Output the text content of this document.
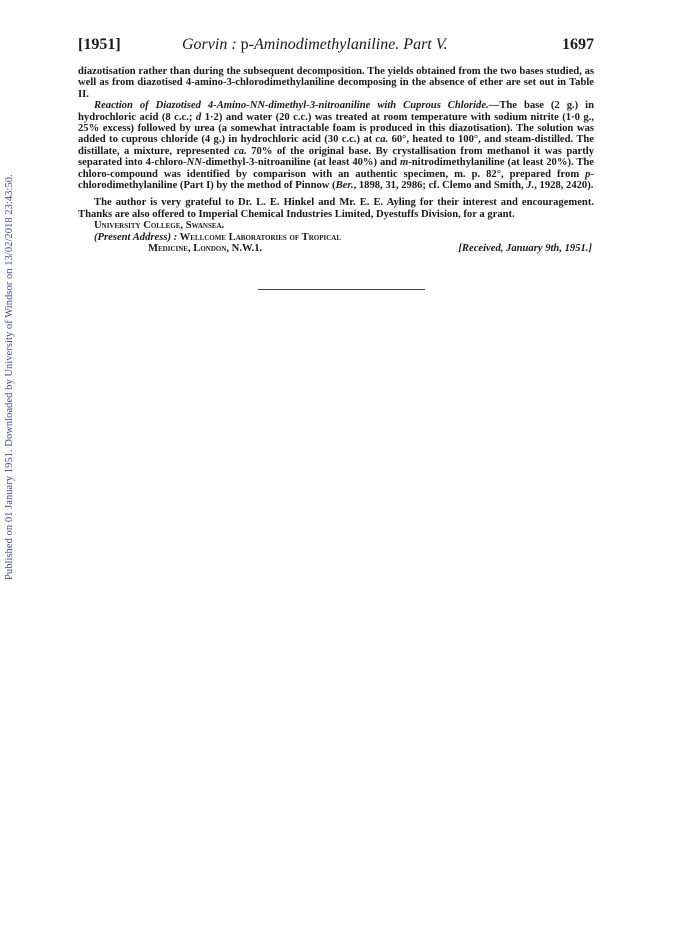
Published on 01 January 1951. Downloaded by University of Windsor on 13/02/2018 23:43:50.
[1951]	Gorvin : p-Aminodimethylaniline. Part V.	1697

diazotisation rather than during the subsequent decomposition. The yields obtained from the two bases studied, as well as from diazotised 4-amino-3-chlorodimethylaniline decomposing in the absence of ether are set out in Table II.

Reaction of Diazotised 4-Amino-NN-dimethyl-3-nitroaniline with Cuprous Chloride.—The base (2 g.) in hydrochloric acid (8 c.c.; d 1·2) and water (20 c.c.) was treated at room temperature with sodium nitrite (1·0 g., 25% excess) followed by urea (a somewhat intractable foam is produced in this diazotisation). The solution was added to cuprous chloride (4 g.) in hydrochloric acid (30 c.c.) at ca. 60°, heated to 100°, and steam-distilled. The distillate, a mixture, represented ca. 70% of the original base. By crystallisation from methanol it was partly separated into 4-chloro-NN-dimethyl-3-nitroaniline (at least 40%) and m-nitrodimethylaniline (at least 20%). The chloro-compound was identified by comparison with an authentic specimen, m. p. 82°, prepared from p-chlorodimethylaniline (Part I) by the method of Pinnow (Ber., 1898, 31, 2986; cf. Clemo and Smith, J., 1928, 2420).

The author is very grateful to Dr. L. E. Hinkel and Mr. E. E. Ayling for their interest and encouragement. Thanks are also offered to Imperial Chemical Industries Limited, Dyestuffs Division, for a grant.

University College, Swansea.

(Present Address) : Wellcome Laboratories of Tropical

Medicine, London, N.W.1.	[Received, January 9th, 1951.]
